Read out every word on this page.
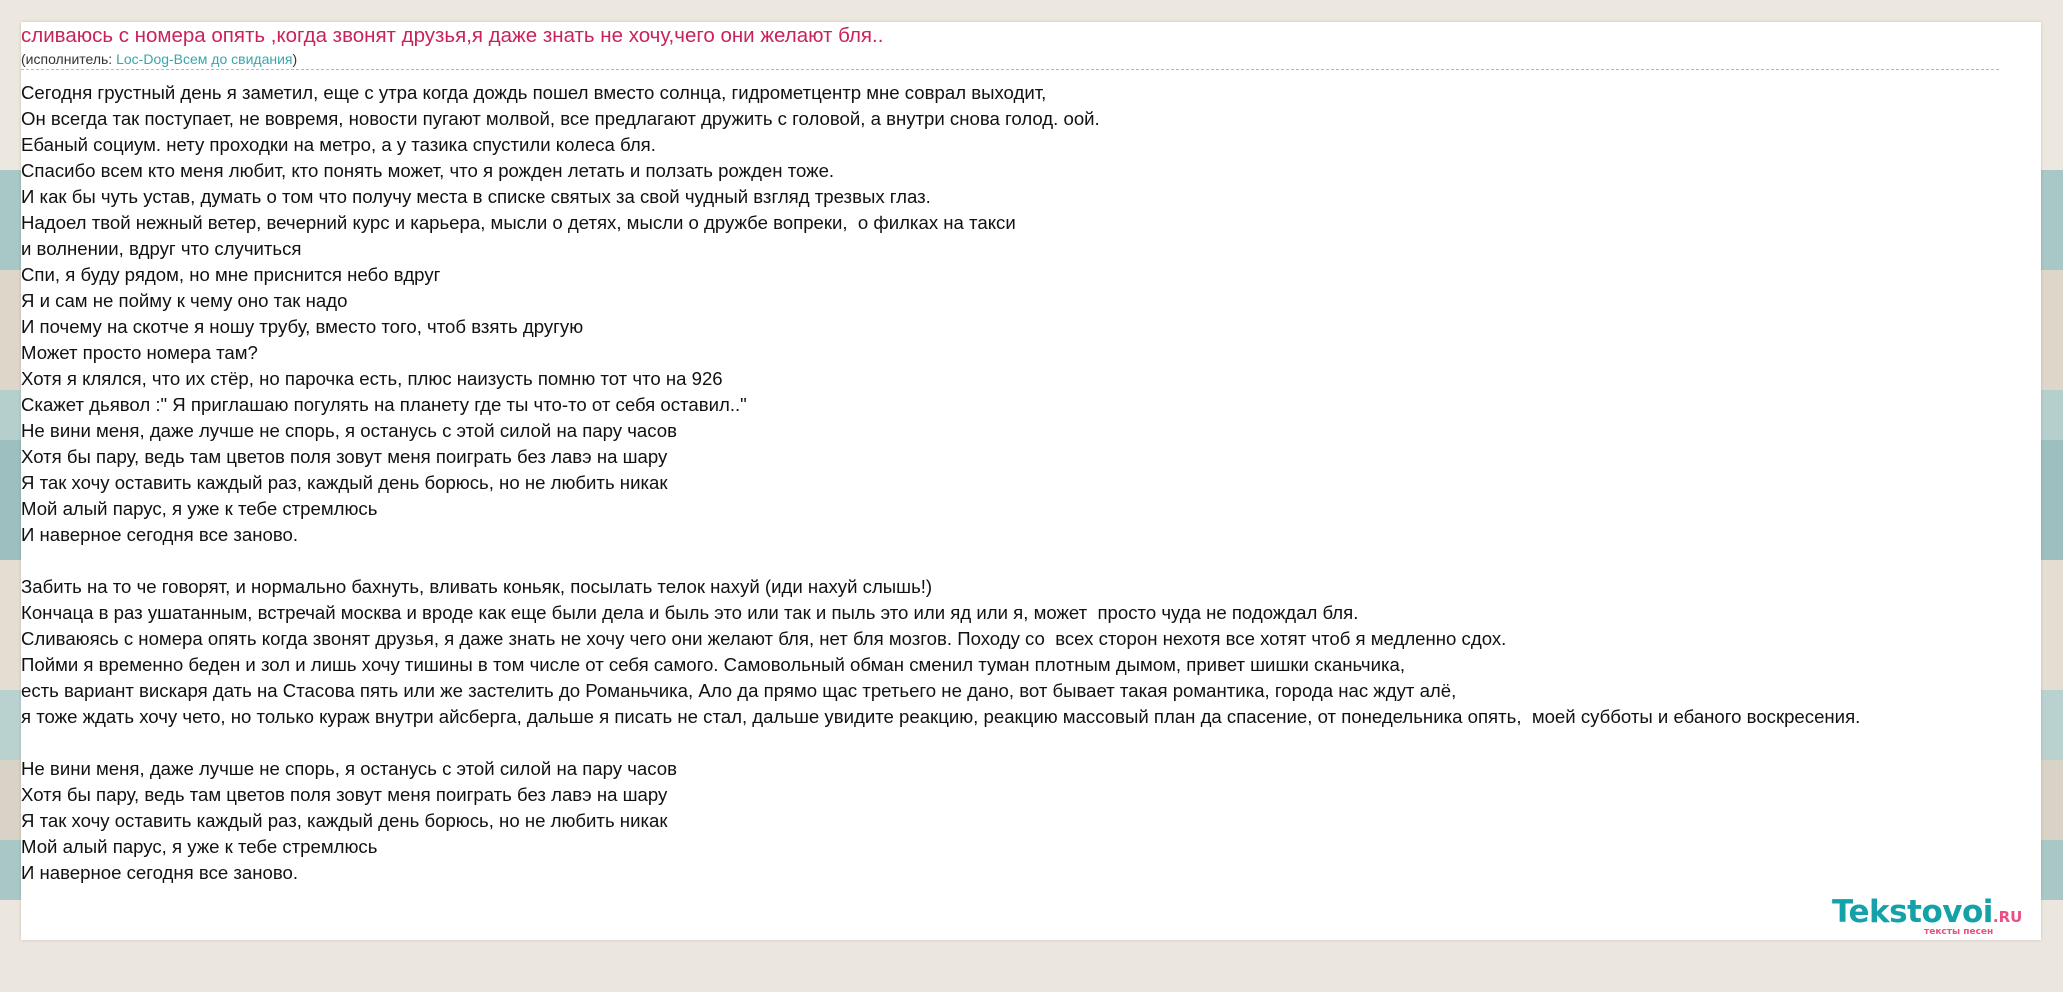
сливаюсь с номера опять ,когда звонят друзья,я даже знать не хочу,чего они желают бля..
(исполнитель: Loc-Dog-Всем до свидания)
Сегодня грустный день я заметил, еще с утра когда дождь пошел вместо солнца, гидрометцентр мне соврал выходит,
Он всегда так поступает, не вовремя, новости пугают молвой, все предлагают дружить с головой, а внутри снова голод. оой.
Ебаный социум. нету проходки на метро, а у тазика спустили колеса бля.
Спасибо всем кто меня любит, кто понять может, что я рожден летать и ползать рожден тоже.
И как бы чуть устав, думать о том что получу места в списке святых за свой чудный взгляд трезвых глаз.
Надоел твой нежный ветер, вечерний курс и карьера, мысли о детях, мысли о дружбе вопреки,  о филках на такси
и волнении, вдруг что случиться
Спи, я буду рядом, но мне приснится небо вдруг
Я и сам не пойму к чему оно так надо
И почему на скотче я ношу трубу, вместо того, чтоб взять другую
Может просто номера там?
Хотя я клялся, что их стёр, но парочка есть, плюс наизусть помню тот что на 926
Скажет дьявол :" Я приглашаю погулять на планету где ты что-то от себя оставил.."
Не вини меня, даже лучше не спорь, я останусь с этой силой на пару часов
Хотя бы пару, ведь там цветов поля зовут меня поиграть без лавэ на шару
Я так хочу оставить каждый раз, каждый день борюсь, но не любить никак
Мой алый парус, я уже к тебе стремлюсь
И наверное сегодня все заново.

Забить на то че говорят, и нормально бахнуть, вливать коньяк, посылать телок нахуй (иди нахуй слышь!)
Кончаца в раз ушатанным, встречай москва и вроде как еще были дела и быль это или так и пыль это или яд или я, может  просто чуда не подождал бля.
Сливаюясь с номера опять когда звонят друзья, я даже знать не хочу чего они желают бля, нет бля мозгов. Походу со  всех сторон нехотя все хотят чтоб я медленно сдох.
Пойми я временно беден и зол и лишь хочу тишины в том числе от себя самого. Самовольный обман сменил туман плотным дымом, привет шишки сканьчика,
есть вариант вискаря дать на Стасова пять или же застелить до Романьчика, Ало да прямо щас третьего не дано, вот бывает такая романтика, города нас ждут алё,
я тоже ждать хочу чето, но только кураж внутри айсберга, дальше я писать не стал, дальше увидите реакцию, реакцию массовый план да спасение, от понедельника опять,  моей субботы и ебаного воскресения.

Не вини меня, даже лучше не спорь, я останусь с этой силой на пару часов
Хотя бы пару, ведь там цветов поля зовут меня поиграть без лавэ на шару
Я так хочу оставить каждый раз, каждый день борюсь, но не любить никак
Мой алый парус, я уже к тебе стремлюсь
И наверное сегодня все заново.
Tekstovoi.RU
тексты песен
